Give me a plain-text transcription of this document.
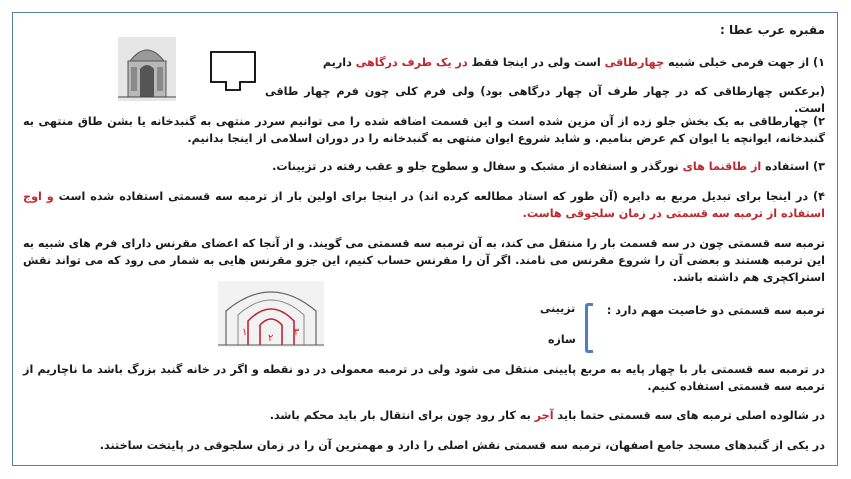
مقبره عرب عطا :
۱) از جهت فرمی خیلی شبیه چهارطاقی است ولی در اینجا فقط در یک طرف درگاهی داریم
(برعکس چهارطاقی که در چهار طرف آن چهار درگاهی بود) ولی فرم کلی چون فرم چهار طاقی است.
۲) چهارطاقی به یک بخش جلو زده از آن مزین شده است و این قسمت اضافه شده را می توانیم سردر منتهی به گنبدخانه یا بشن طاق منتهی به گنبدخانه، ایوانچه یا ایوان کم عرض بنامیم. و شاید شروع ایوان منتهی به گنبدخانه را در دوران اسلامی از اینجا بدانیم.
۳) استفاده از طاقنما های نورگذر و استفاده از مشبک و سفال و سطوح جلو و عقب رفته در تزیینات.
۴) در اینجا برای تبدیل مربع به دایره (آن طور که استاد مطالعه کرده اند) در اینجا برای اولین بار از ترمبه سه قسمتی استفاده شده است و اوج استفاده از ترمبه سه قسمتی در زمان سلجوقی هاست.
ترمبه سه قسمتی چون در سه قسمت بار را منتقل می کند، به آن ترمبه سه قسمتی می گویند. و از آنجا که اعضای مقرنس دارای فرم های شبیه به این ترمبه هستند و بعضی آن را شروع مقرنس می نامند. اگر آن را مقرنس حساب کنیم، این جزو مقرنس هایی به شمار می رود که می تواند نقش استراکچری هم داشته باشد.
۱
۲
۳
ترمبه سه قسمتی دو خاصیت مهم دارد :
تزیینی
سازه
در ترمبه سه قسمتی بار با چهار پایه به مربع پایینی منتقل می شود ولی در ترمبه معمولی در دو نقطه و اگر در خانه گنبد بزرگ باشد ما ناچاریم از ترمبه سه قسمتی استفاده کنیم.
در شالوده اصلی ترمبه های سه قسمتی حتما باید آجر به کار رود چون برای انتقال بار باید محکم باشد.
در یکی از گنبدهای مسجد جامع اصفهان، ترمبه سه قسمتی نقش اصلی را دارد و مهمترین آن را در زمان سلجوقی در پایتخت ساختند.
